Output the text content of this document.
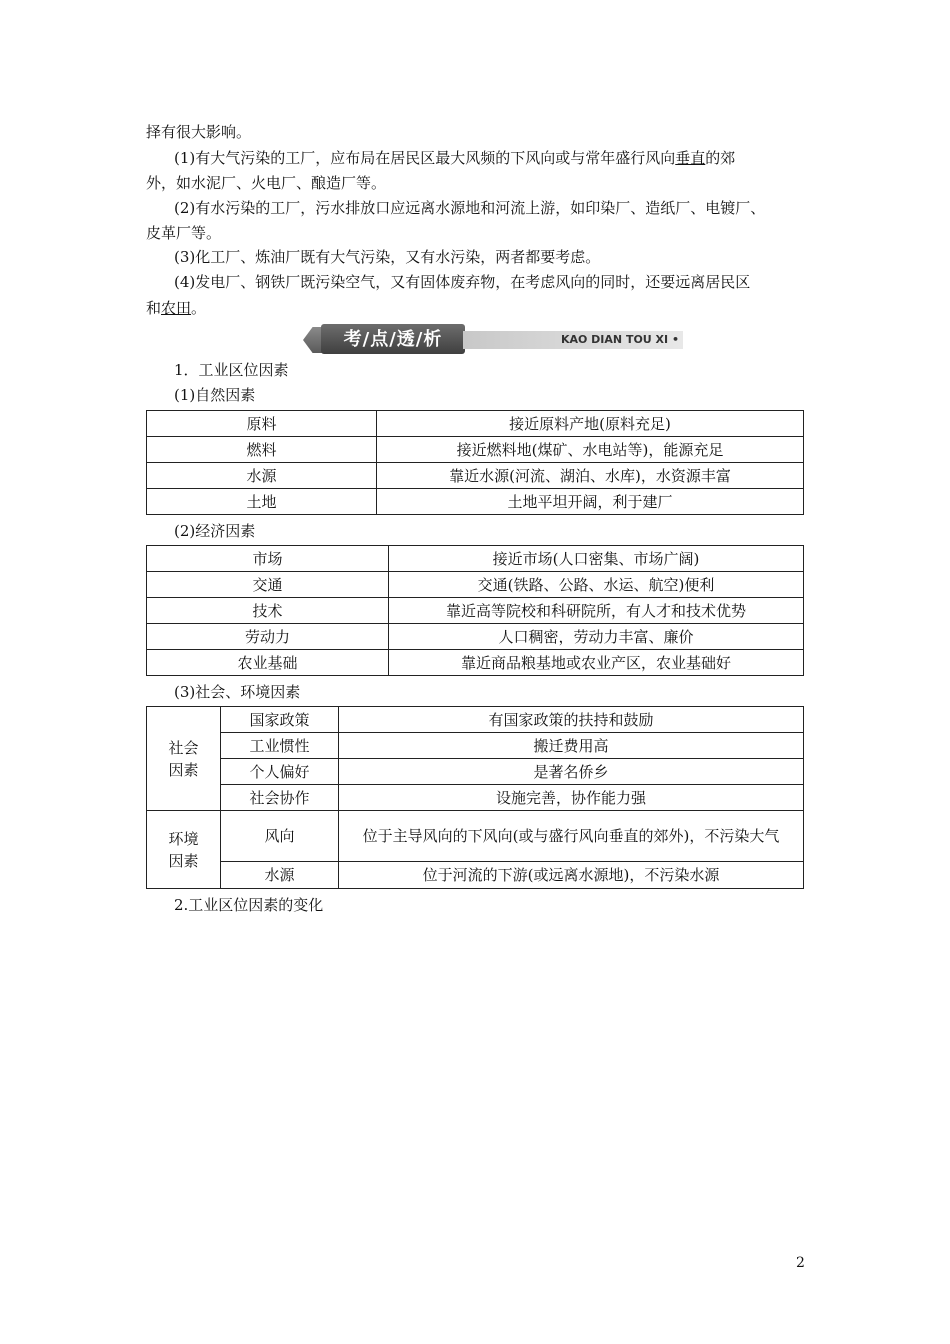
择有很大影响。
(1)有大气污染的工厂，应布局在居民区最大风频的下风向或与常年盛行风向垂直的郊
外，如水泥厂、火电厂、酿造厂等。
(2)有水污染的工厂，污水排放口应远离水源地和河流上游，如印染厂、造纸厂、电镀厂、
皮革厂等。
(3)化工厂、炼油厂既有大气污染，又有水污染，两者都要考虑。
(4)发电厂、钢铁厂既污染空气，又有固体废弃物，在考虑风向的同时，还要远离居民区
和农田。
考/点/透/析	KAO DIAN TOU XI •
1．工业区位因素
(1)自然因素
原料	接近原料产地(原料充足)
燃料	接近燃料地(煤矿、水电站等)，能源充足
水源	靠近水源(河流、湖泊、水库)，水资源丰富
土地	土地平坦开阔，利于建厂
(2)经济因素
市场	接近市场(人口密集、市场广阔)
交通	交通(铁路、公路、水运、航空)便利
技术	靠近高等院校和科研院所，有人才和技术优势
劳动力	人口稠密，劳动力丰富、廉价
农业基础	靠近商品粮基地或农业产区，农业基础好
(3)社会、环境因素
社会
因素	国家政策	有国家政策的扶持和鼓励
	工业惯性	搬迁费用高
	个人偏好	是著名侨乡
	社会协作	设施完善，协作能力强
环境
因素	风向	位于主导风向的下风向(或与盛行风向垂直的郊外)，不污染大气
	水源	位于河流的下游(或远离水源地)，不污染水源
2.工业区位因素的变化
2
